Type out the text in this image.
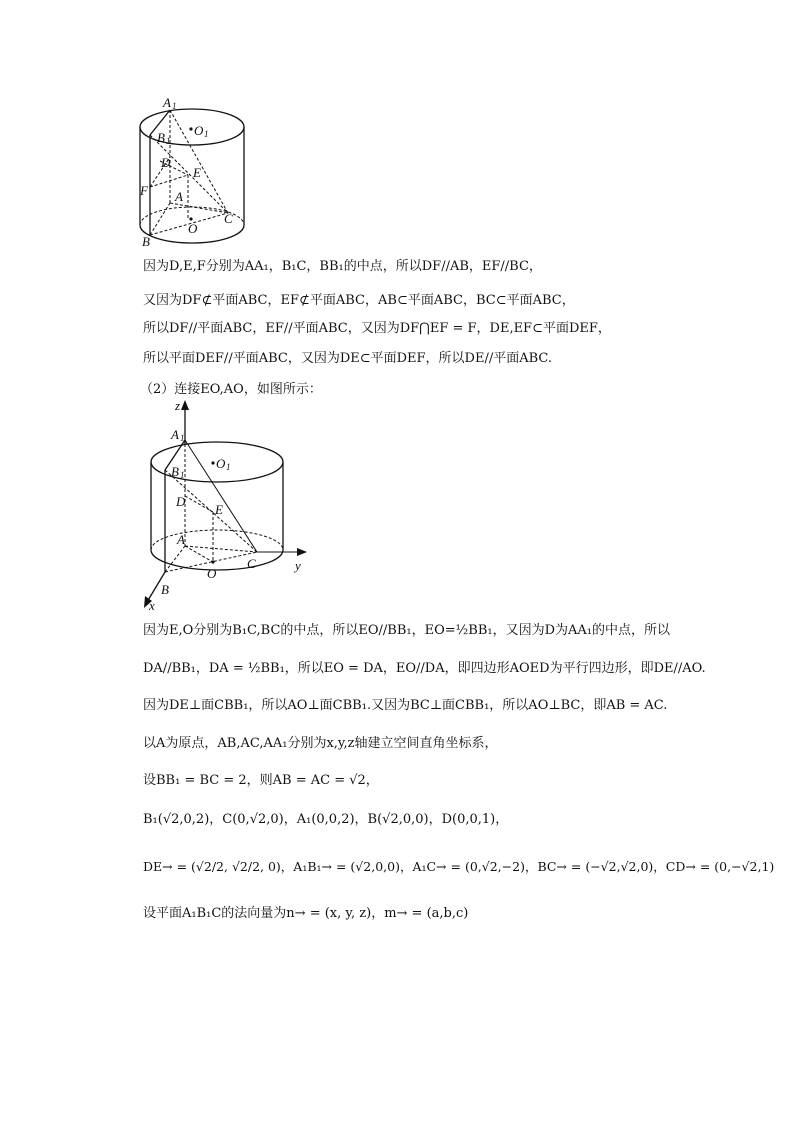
A 1
O 1
B 1
D
E
F A
C
B
O
因为D,E,F分别为AA₁，B₁C，BB₁的中点，所以DF//AB，EF//BC，
又因为DF⊄平面ABC，EF⊄平面ABC，AB⊂平面ABC，BC⊂平面ABC，
所以DF//平面ABC，EF//平面ABC，又因为DF⋂EF = F，DE,EF⊂平面DEF，
所以平面DEF//平面ABC，又因为DE⊂平面DEF，所以DE//平面ABC.
（2）连接EO,AO，如图所示：
z
A 1
O 1
B 1
D
E
A
O
C	y
B
x
因为E,O分别为B₁C,BC的中点，所以EO//BB₁，EO=½BB₁，又因为D为AA₁的中点，所以
DA//BB₁，DA = ½BB₁，所以EO = DA，EO//DA，即四边形AOED为平行四边形，即DE//AO.
因为DE⊥面CBB₁，所以AO⊥面CBB₁.又因为BC⊥面CBB₁，所以AO⊥BC，即AB = AC.
以A为原点，AB,AC,AA₁分别为x,y,z轴建立空间直角坐标系，
设BB₁ = BC = 2，则AB = AC = √2，
B₁(√2,0,2)，C(0,√2,0)，A₁(0,0,2)，B(√2,0,0)，D(0,0,1)，
DE→ = (√2/2, √2/2, 0)，A₁B₁→ = (√2,0,0)，A₁C→ = (0,√2,−2)，BC→ = (−√2,√2,0)，CD→ = (0,−√2,1)
设平面A₁B₁C的法向量为n→ = (x, y, z)，m→ = (a,b,c)
